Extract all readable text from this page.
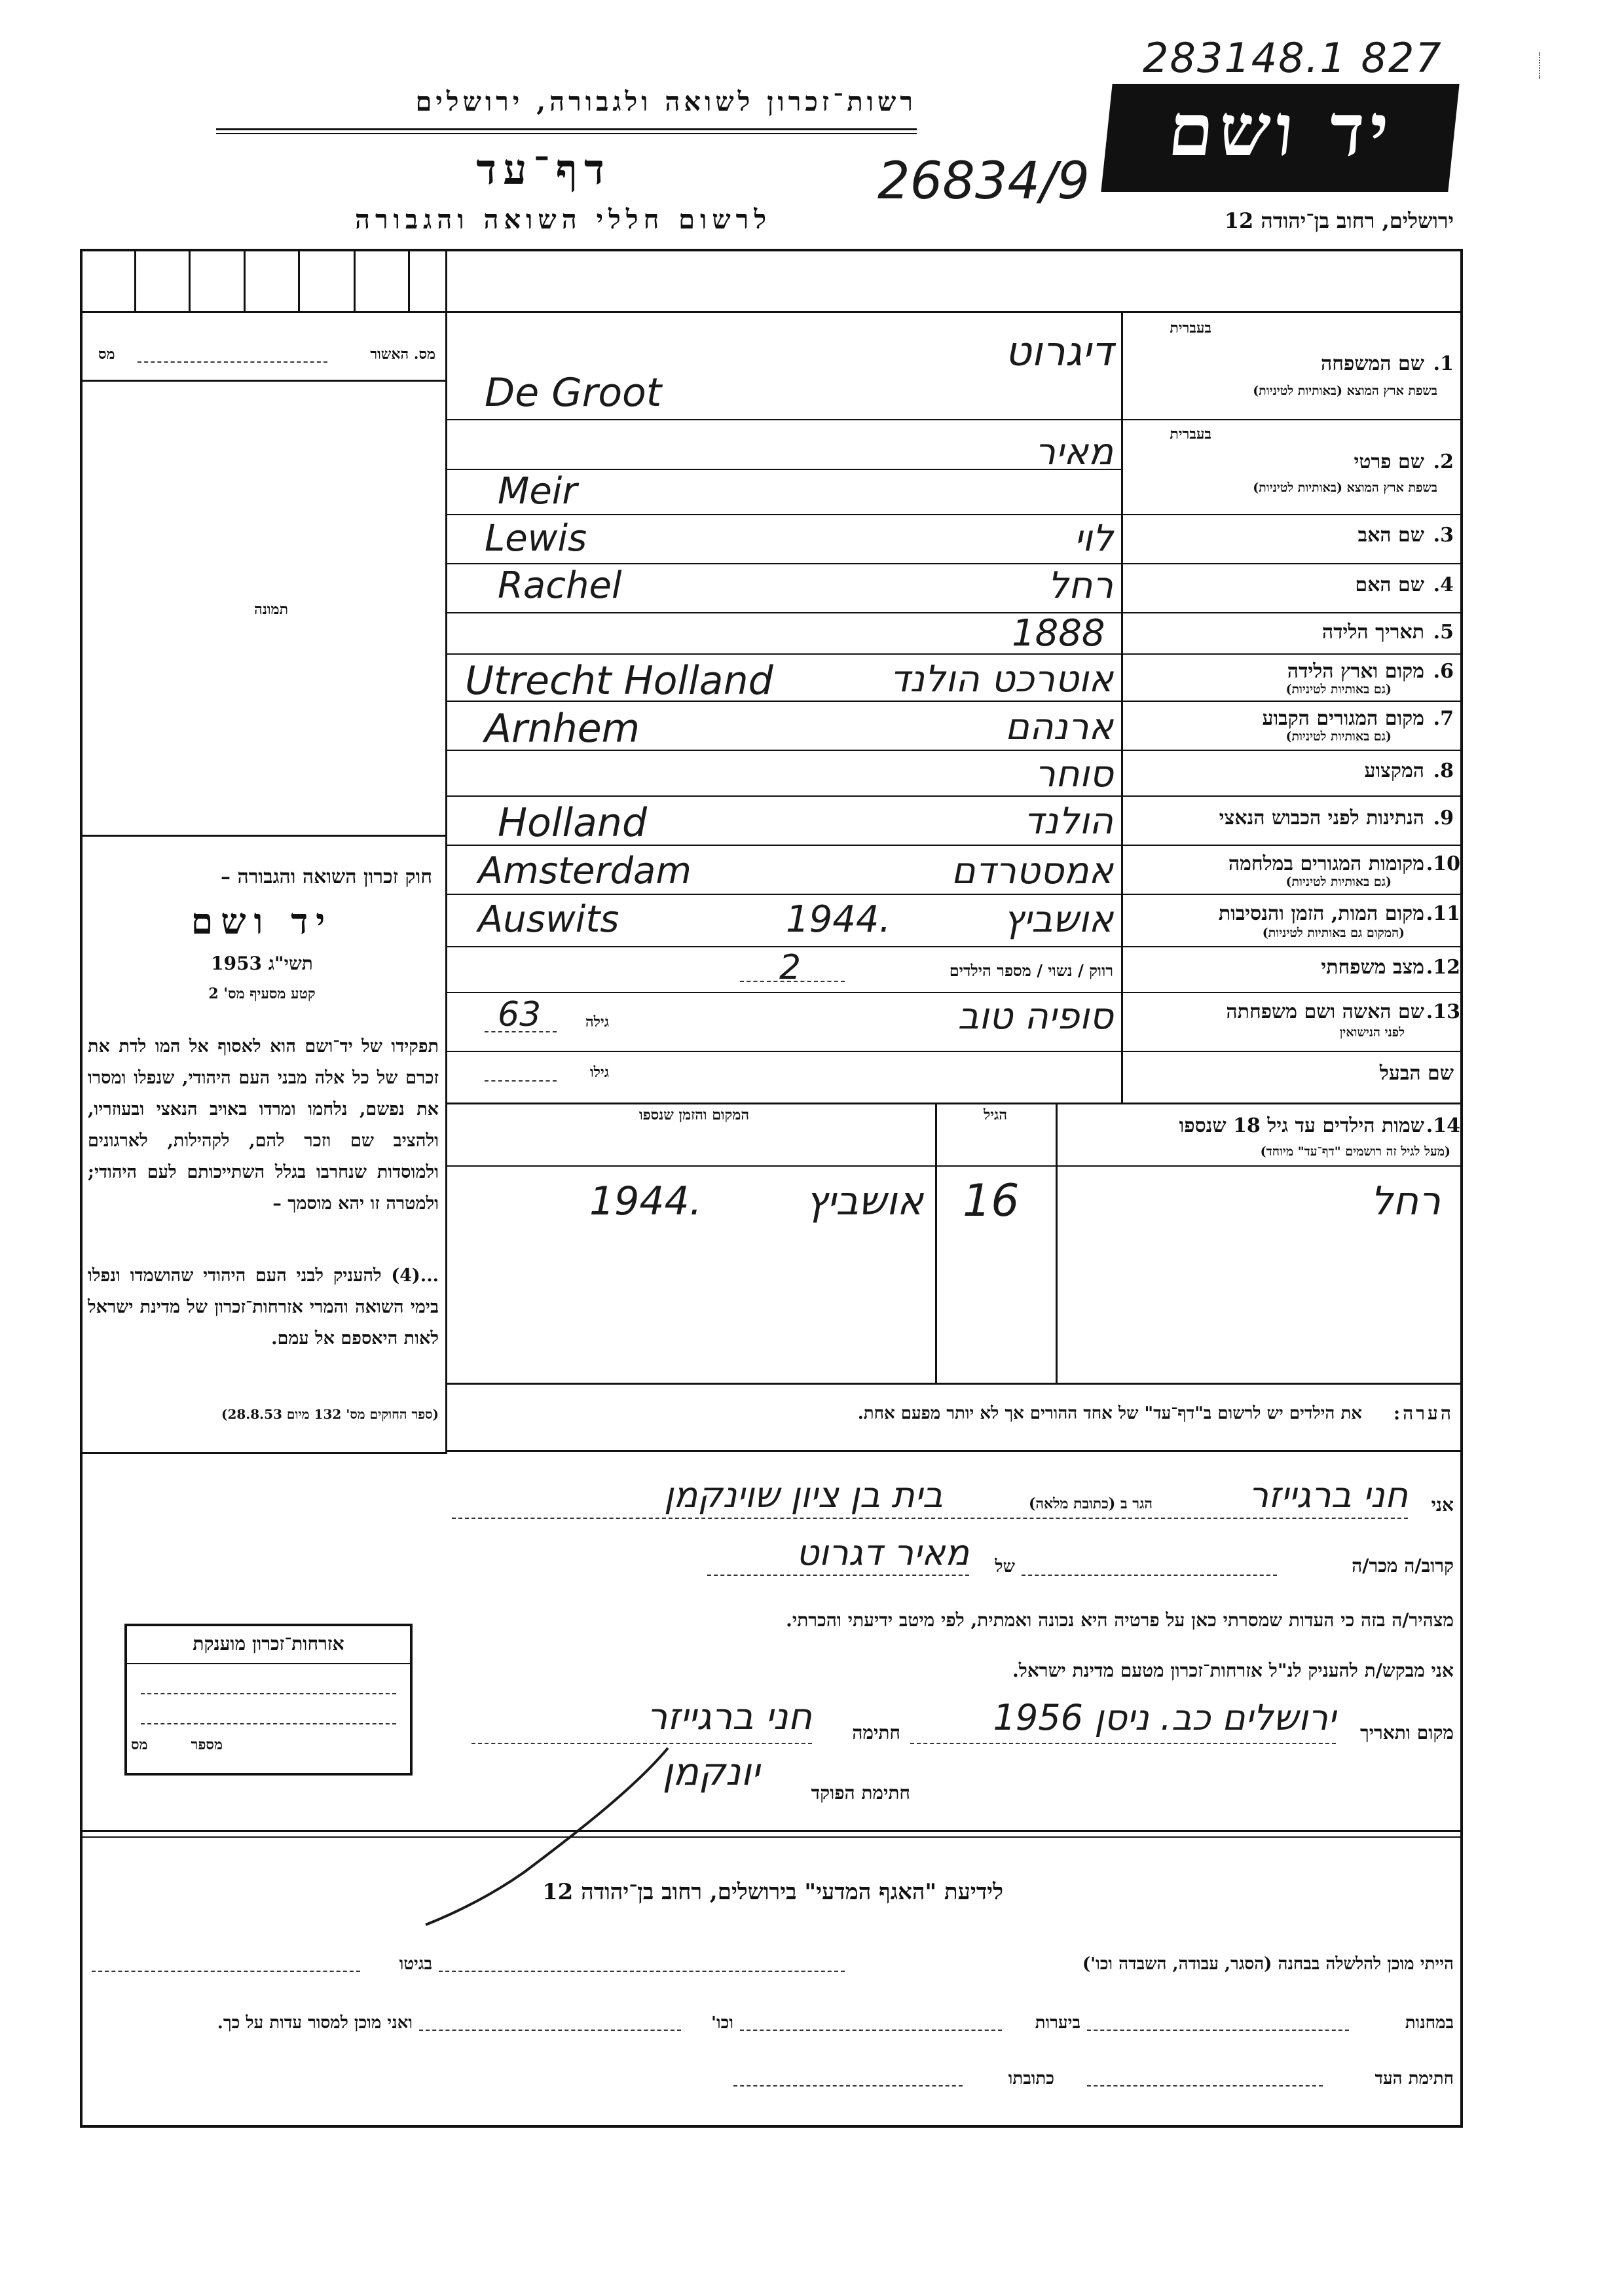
283148.1 827
רשות־זכרון לשואה ולגבורה, ירושלים
דף־עד	26834/9
לרשום חללי השואה והגבורה
יד ושם
ירושלים, רחוב בן־יהודה 12
מס. האשור
מס
תמונה
חוק זכרון השואה והגבורה –
יד ושם
תשי"ג 1953
קטע מסעיף מס' 2
תפקידו של יד־ושם הוא לאסוף אל המו לדת את זכרם של כל אלה מבני העם היהודי, שנפלו ומסרו את נפשם, נלחמו ומרדו באויב הנאצי ובעוזריו, ולהציב שם וזכר להם, לקהילות, לארגונים ולמוסדות שנחרבו בגלל השתייכותם לעם היהודי; ולמטרה זו יהא מוסמך –
...(4) להעניק לבני העם היהודי שהושמדו ונפלו בימי השואה והמרי אזרחות־זכרון של מדינת ישראל לאות היאספם אל עמם.
(ספר החוקים מס' 132 מיום 28.8.53)
בעברית
1.
שם המשפחה
בשפת ארץ המוצא (באותיות לטיניות)
דיגרוט
De Groot
בעברית
2.
שם פרטי
בשפת ארץ המוצא (באותיות לטיניות)
מאיר
Meir
3.
שם האב
לוי
Lewis
4.
שם האם
רחל
Rachel
5.
תאריך הלידה
1888
6.
מקום וארץ הלידה
(גם באותיות לטיניות)
אוטרכט הולנד
Utrecht Holland
7.
מקום המגורים הקבוע
(גם באותיות לטיניות)
ארנהם
Arnhem
8.
המקצוע
סוחר
9.
הנתינות לפני הכבוש הנאצי
הולנד
Holland
10.
מקומות המגורים במלחמה
(גם באותיות לטיניות)
אמסטרדם
Amsterdam
11.
מקום המות, הזמן והנסיבות
(המקום גם באותיות לטיניות)
אושביץ
1944.
Auswits
12.
מצב משפחתי
רווק / נשוי / מספר הילדים
2
13.
שם האשה ושם משפחתה
לפני הנישואין
סופיה טוב
גילה
63
שם הבעל
גילו
14.
שמות הילדים עד גיל 18 שנספו
(מעל לגיל זה רושמים "דף־עד" מיוחד)
הגיל
המקום והזמן שנספו
רחל
16
אושביץ
1944.
הערה:
את הילדים יש לרשום ב"דף־עד" של אחד ההורים אך לא יותר מפעם אחת.
אני
חני ברגייזר
הגר ב (כתובת מלאה)
בית בן ציון שוינקמן
קרוב/ה מכר/ה
של
מאיר דגרוט
מצהיר/ה בזה כי העדות שמסרתי כאן על פרטיה היא נכונה ואמתית, לפי מיטב ידיעתי והכרתי.
אני מבקש/ת להעניק לנ"ל אזרחות־זכרון מטעם מדינת ישראל.
מקום ותאריך
ירושלים כב. ניסן 1956
חתימה
חני ברגייזר
חתימת הפוקד
יונקמן
אזרחות־זכרון מוענקת
מספר
מס
לידיעת "האגף המדעי" בירושלים, רחוב בן־יהודה 12
הייתי מוכן להלשלה בבחנה (הסגר, עבודה, השבדה וכו')
בגיטו
במחנות
ביערות
וכו'
ואני מוכן למסור עדות על כך.
חתימת העד
כתובתו
